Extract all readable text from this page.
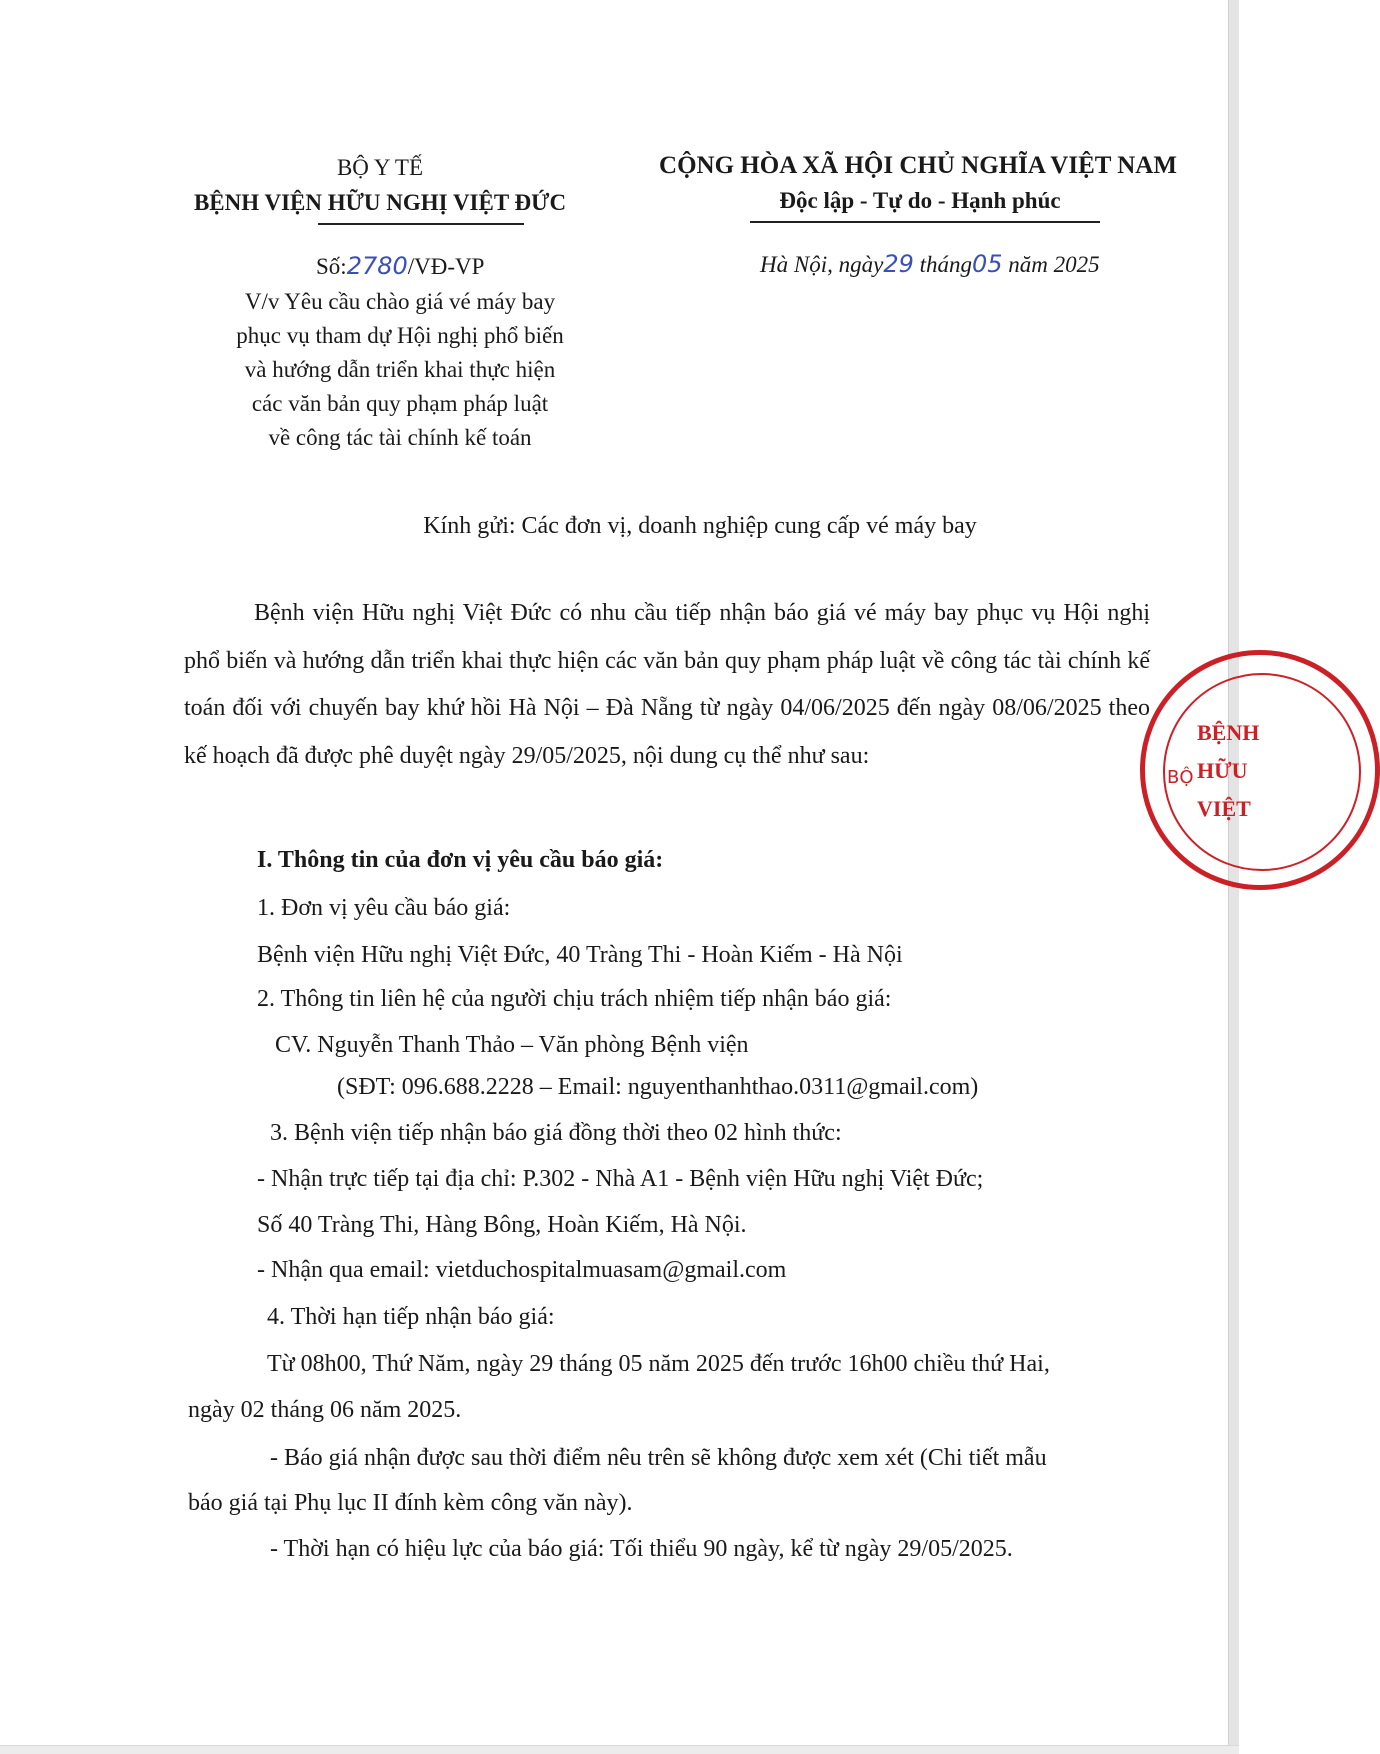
BỘ Y TẾ
BỆNH VIỆN HỮU NGHỊ VIỆT ĐỨC
CỘNG HÒA XÃ HỘI CHỦ NGHĨA VIỆT NAM
Độc lập - Tự do - Hạnh phúc
Số:2780/VĐ-VP	Hà Nội, ngày29 tháng05 năm 2025
V/v Yêu cầu chào giá vé máy bay
phục vụ tham dự Hội nghị phổ biến
và hướng dẫn triển khai thực hiện
các văn bản quy phạm pháp luật
về công tác tài chính kế toán
Kính gửi: Các đơn vị, doanh nghiệp cung cấp vé máy bay
Bệnh viện Hữu nghị Việt Đức có nhu cầu tiếp nhận báo giá vé máy bay phục vụ Hội nghị phổ biến và hướng dẫn triển khai thực hiện các văn bản quy phạm pháp luật về công tác tài chính kế toán đối với chuyến bay khứ hồi Hà Nội – Đà Nẵng từ ngày 04/06/2025 đến ngày 08/06/2025 theo kế hoạch đã được phê duyệt ngày 29/05/2025, nội dung cụ thể như sau:
I. Thông tin của đơn vị yêu cầu báo giá:
1. Đơn vị yêu cầu báo giá:
Bệnh viện Hữu nghị Việt Đức, 40 Tràng Thi - Hoàn Kiếm - Hà Nội
2. Thông tin liên hệ của người chịu trách nhiệm tiếp nhận báo giá:
CV. Nguyễn Thanh Thảo – Văn phòng Bệnh viện
(SĐT: 096.688.2228 – Email: nguyenthanhthao.0311@gmail.com)
3. Bệnh viện tiếp nhận báo giá đồng thời theo 02 hình thức:
- Nhận trực tiếp tại địa chỉ: P.302 - Nhà A1 - Bệnh viện Hữu nghị Việt Đức;
Số 40 Tràng Thi, Hàng Bông, Hoàn Kiếm, Hà Nội.
- Nhận qua email: vietduchospitalmuasam@gmail.com
4. Thời hạn tiếp nhận báo giá:
Từ 08h00, Thứ Năm, ngày 29 tháng 05 năm 2025 đến trước 16h00 chiều thứ Hai,
ngày 02 tháng 06 năm 2025.
- Báo giá nhận được sau thời điểm nêu trên sẽ không được xem xét (Chi tiết mẫu
báo giá tại Phụ lục II đính kèm công văn này).
- Thời hạn có hiệu lực của báo giá: Tối thiểu 90 ngày, kể từ ngày 29/05/2025.
BỘ
BỆNH
HỮU
VIỆT
